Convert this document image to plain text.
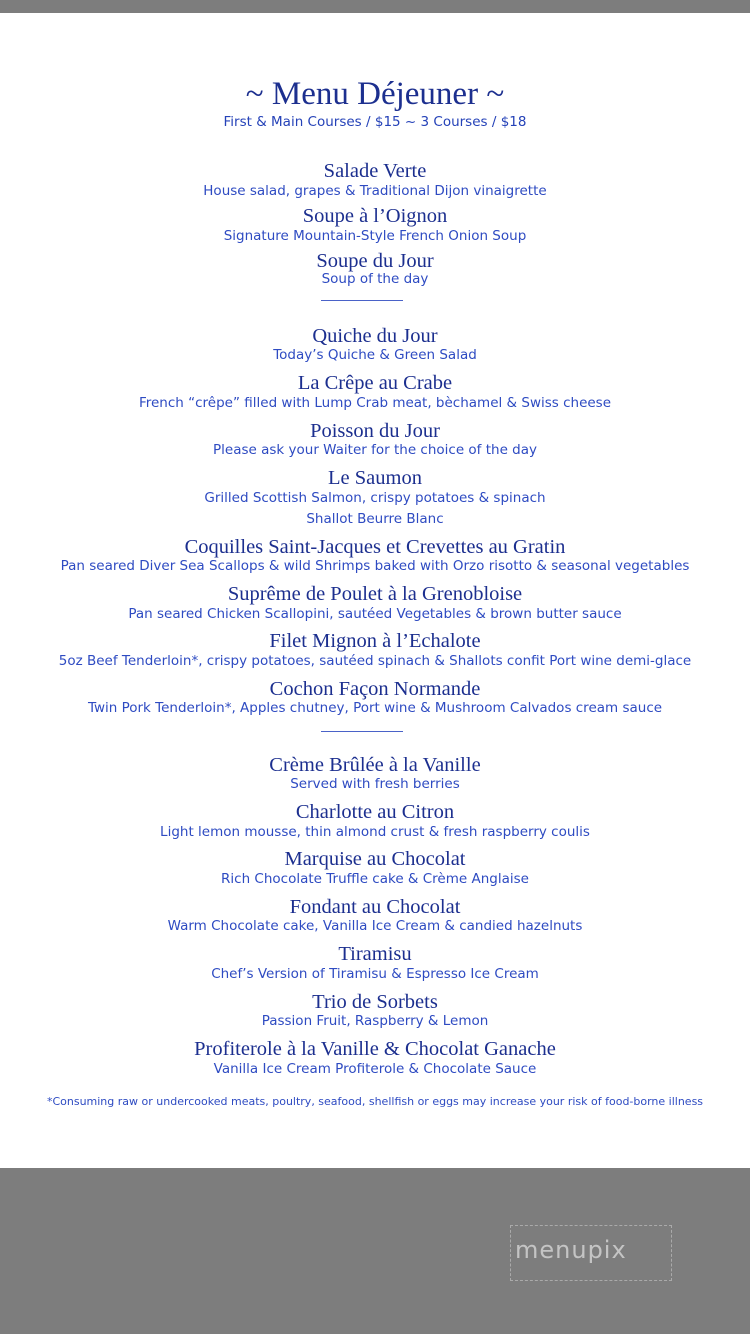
~ Menu Déjeuner ~
First & Main Courses / $15 ~ 3 Courses / $18
Salade Verte
House salad, grapes & Traditional Dijon vinaigrette
Soupe à l’Oignon
Signature Mountain-Style French Onion Soup
Soupe du Jour
Soup of the day
Quiche du Jour
Today’s Quiche & Green Salad
La Crêpe au Crabe
French “crêpe” filled with Lump Crab meat, bèchamel & Swiss cheese
Poisson du Jour
Please ask your Waiter for the choice of the day
Le Saumon
Grilled Scottish Salmon, crispy potatoes & spinach
Shallot Beurre Blanc
Coquilles Saint-Jacques et Crevettes au Gratin
Pan seared Diver Sea Scallops & wild Shrimps baked with Orzo risotto & seasonal vegetables
Suprême de Poulet à la Grenobloise
Pan seared Chicken Scallopini, sautéed Vegetables & brown butter sauce
Filet Mignon à l’Echalote
5oz Beef Tenderloin*, crispy potatoes, sautéed spinach & Shallots confit Port wine demi-glace
Cochon Façon Normande
Twin Pork Tenderloin*, Apples chutney, Port wine & Mushroom Calvados cream sauce
Crème Brûlée à la Vanille
Served with fresh berries
Charlotte au Citron
Light lemon mousse, thin almond crust & fresh raspberry coulis
Marquise au Chocolat
Rich Chocolate Truffle cake & Crème Anglaise
Fondant au Chocolat
Warm Chocolate cake, Vanilla Ice Cream & candied hazelnuts
Tiramisu
Chef’s Version of Tiramisu & Espresso Ice Cream
Trio de Sorbets
Passion Fruit, Raspberry & Lemon
Profiterole à la Vanille & Chocolat Ganache
Vanilla Ice Cream Profiterole & Chocolate Sauce
*Consuming raw or undercooked meats, poultry, seafood, shellfish or eggs may increase your risk of food-borne illness
menupix
